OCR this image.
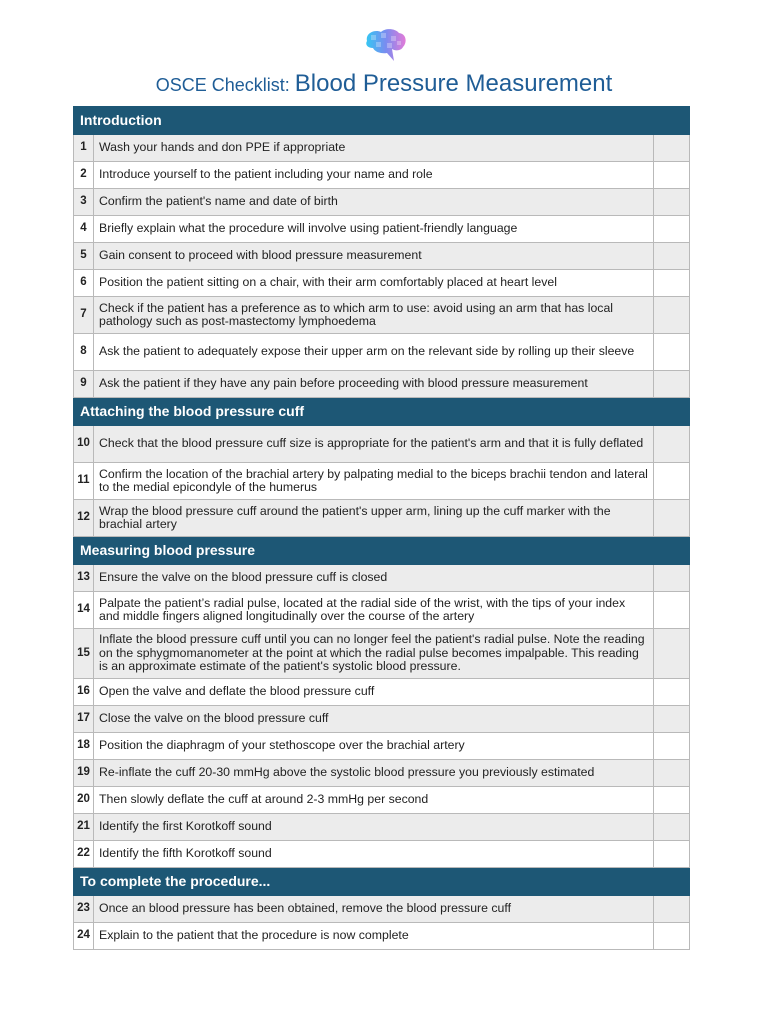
OSCE Checklist: Blood Pressure Measurement
Introduction		
1	Wash your hands and don PPE if appropriate	
2	Introduce yourself to the patient including your name and role	
3	Confirm the patient's name and date of birth	
4	Briefly explain what the procedure will involve using patient-friendly language	
5	Gain consent to proceed with blood pressure measurement	
6	Position the patient sitting on a chair, with their arm comfortably placed at heart level	
7	Check if the patient has a preference as to which arm to use: avoid using an arm that has local pathology such as post-mastectomy lymphoedema	
8	Ask the patient to adequately expose their upper arm on the relevant side by rolling up their sleeve	
9	Ask the patient if they have any pain before proceeding with blood pressure measurement	
Attaching the blood pressure cuff		
10	Check that the blood pressure cuff size is appropriate for the patient's arm and that it is fully deflated	
11	Confirm the location of the brachial artery by palpating medial to the biceps brachii tendon and lateral to the medial epicondyle of the humerus	
12	Wrap the blood pressure cuff around the patient's upper arm, lining up the cuff marker with the brachial artery	
Measuring blood pressure		
13	Ensure the valve on the blood pressure cuff is closed	
14	Palpate the patient’s radial pulse, located at the radial side of the wrist, with the tips of your index and middle fingers aligned longitudinally over the course of the artery	
15	Inflate the blood pressure cuff until you can no longer feel the patient's radial pulse. Note the reading on the sphygmomanometer at the point at which the radial pulse becomes impalpable. This reading is an approximate estimate of the patient's systolic blood pressure.	
16	Open the valve and deflate the blood pressure cuff	
17	Close the valve on the blood pressure cuff	
18	Position the diaphragm of your stethoscope over the brachial artery	
19	Re-inflate the cuff 20-30 mmHg above the systolic blood pressure you previously estimated	
20	Then slowly deflate the cuff at around 2-3 mmHg per second	
21	Identify the first Korotkoff sound	
22	Identify the fifth Korotkoff sound	
To complete the procedure...		
23	Once an blood pressure has been obtained, remove the blood pressure cuff	
24	Explain to the patient that the procedure is now complete	
